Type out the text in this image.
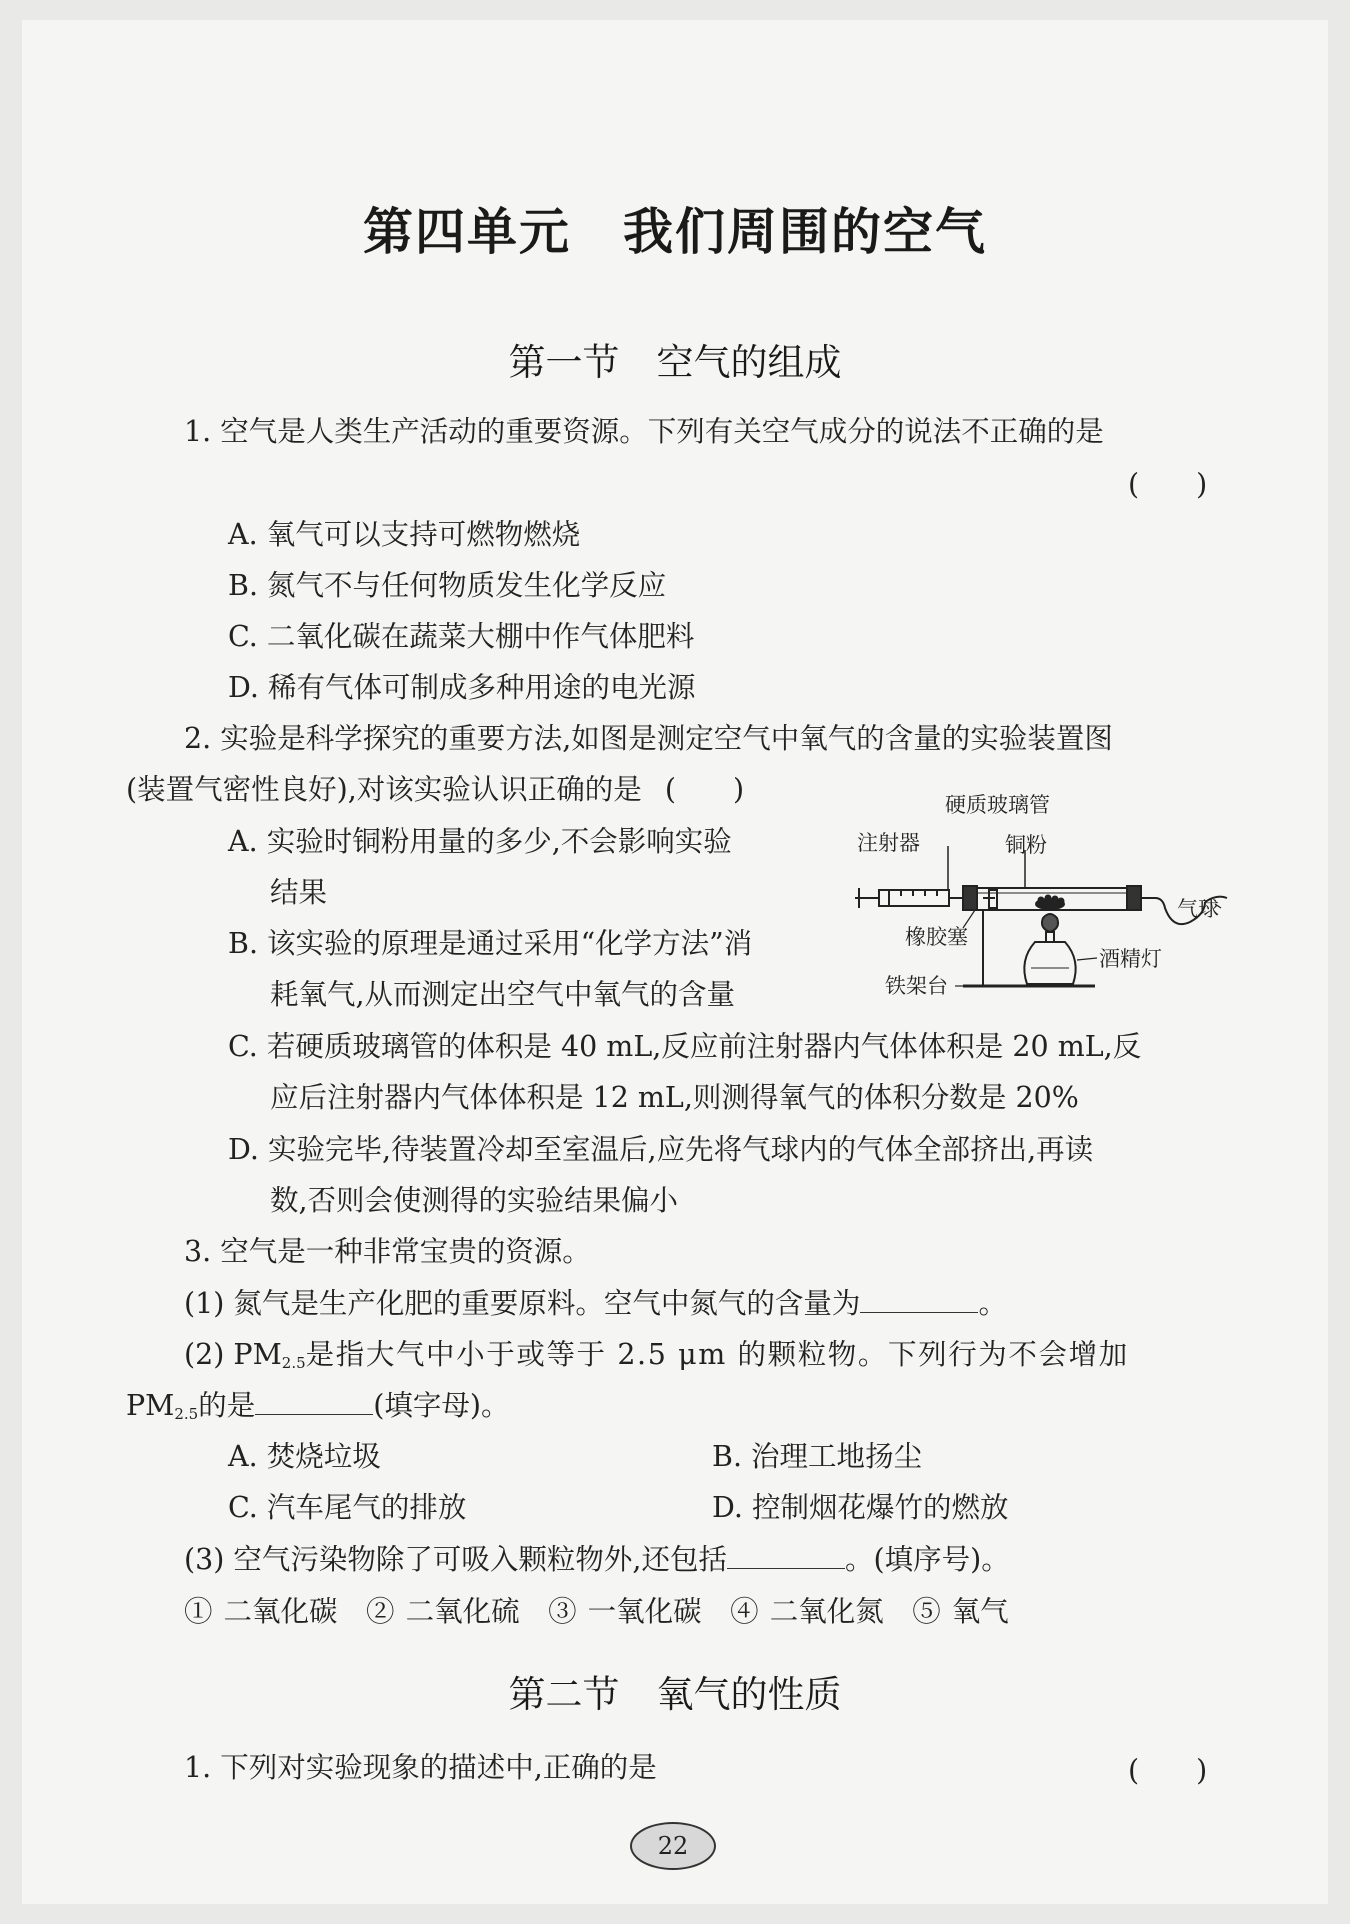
第四单元　我们周围的空气
第一节　空气的组成
1. 空气是人类生产活动的重要资源。下列有关空气成分的说法不正确的是
(　　)
A. 氧气可以支持可燃物燃烧
B. 氮气不与任何物质发生化学反应
C. 二氧化碳在蔬菜大棚中作气体肥料
D. 稀有气体可制成多种用途的电光源
2. 实验是科学探究的重要方法,如图是测定空气中氧气的含量的实验装置图
(装置气密性良好),对该实验认识正确的是 (　　)
A. 实验时铜粉用量的多少,不会影响实验
结果
B. 该实验的原理是通过采用“化学方法”消
耗氧气,从而测定出空气中氧气的含量
C. 若硬质玻璃管的体积是 40 mL,反应前注射器内气体体积是 20 mL,反
应后注射器内气体体积是 12 mL,则测得氧气的体积分数是 20%
D. 实验完毕,待装置冷却至室温后,应先将气球内的气体全部挤出,再读
数,否则会使测得的实验结果偏小
硬质玻璃管
注射器	铜粉
气球
橡胶塞
酒精灯
铁架台
3. 空气是一种非常宝贵的资源。
(1) 氮气是生产化肥的重要原料。空气中氮气的含量为	。
(2) $PM_{2.5}$是指大气中小于或等于 2.5 μm 的颗粒物。下列行为不会增加
$PM_{2.5}$的是	(填字母)。
A. 焚烧垃圾	B. 治理工地扬尘
C. 汽车尾气的排放	D. 控制烟花爆竹的燃放
(3) 空气污染物除了可吸入颗粒物外,还包括	。(填序号)。
① 二氧化碳　② 二氧化硫　③ 一氧化碳　④ 二氧化氮　⑤ 氧气
第二节　氧气的性质
1. 下列对实验现象的描述中,正确的是	(　　)
22
